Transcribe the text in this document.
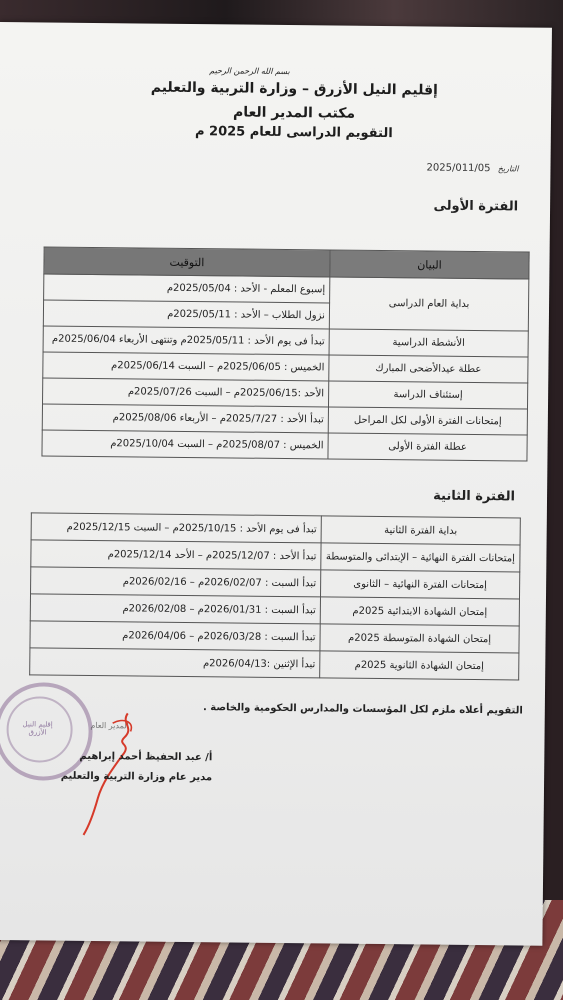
بسم الله الرحمن الرحيم
إقليم النيل الأزرق – وزارة التربية والتعليم
مكتب المدير العام
التقويم الدراسى للعام 2025 م
2025/011/05 التاريخ
الفترة الأولى
البيان	التوقيت
بداية العام الدراسى	إسبوع المعلم - الأحد : 2025/05/04م
	نزول الطلاب – الأحد : 2025/05/11م
الأنشطة الدراسية	تبدأ فى يوم الأحد : 2025/05/11م وتنتهى الأربعاء 2025/06/04م
عطلة عيدالأضحى المبارك	الخميس : 2025/06/05م – السبت 2025/06/14م
إستئناف الدراسة	الأحد :2025/06/15م – السبت 2025/07/26م
إمتحانات الفترة الأولى لكل المراحل	تبدأ الأحد : 2025/7/27م – الأربعاء 2025/08/06م
عطلة الفترة الأولى	الخميس : 2025/08/07م – السبت 2025/10/04م
الفترة الثانية
بداية الفترة الثانية	تبدأ فى يوم الأحد : 2025/10/15م – السبت 2025/12/15م
إمتحانات الفترة النهائية – الإبتدائى والمتوسطة	تبدأ الأحد : 2025/12/07م – الأحد 2025/12/14م
إمتحانات الفترة النهائية – الثانوى	تبدأ السبت : 2026/02/07م – 2026/02/16م
إمتحان الشهادة الابتدائية 2025م	تبدأ السبت : 2026/01/31م – 2026/02/08م
إمتحان الشهادة المتوسطة 2025م	تبدأ السبت : 2026/03/28م – 2026/04/06م
إمتحان الشهادة الثانوية 2025م	تبدأ الإثنين :2026/04/13م
التقويم أعلاه ملزم لكل المؤسسات والمدارس الحكومية والخاصة .
إقليم النيل الأزرق
المدير العام
أ/ عبد الحفيظ أحمد إبراهيم
مدير عام وزارة التربية والتعليم
